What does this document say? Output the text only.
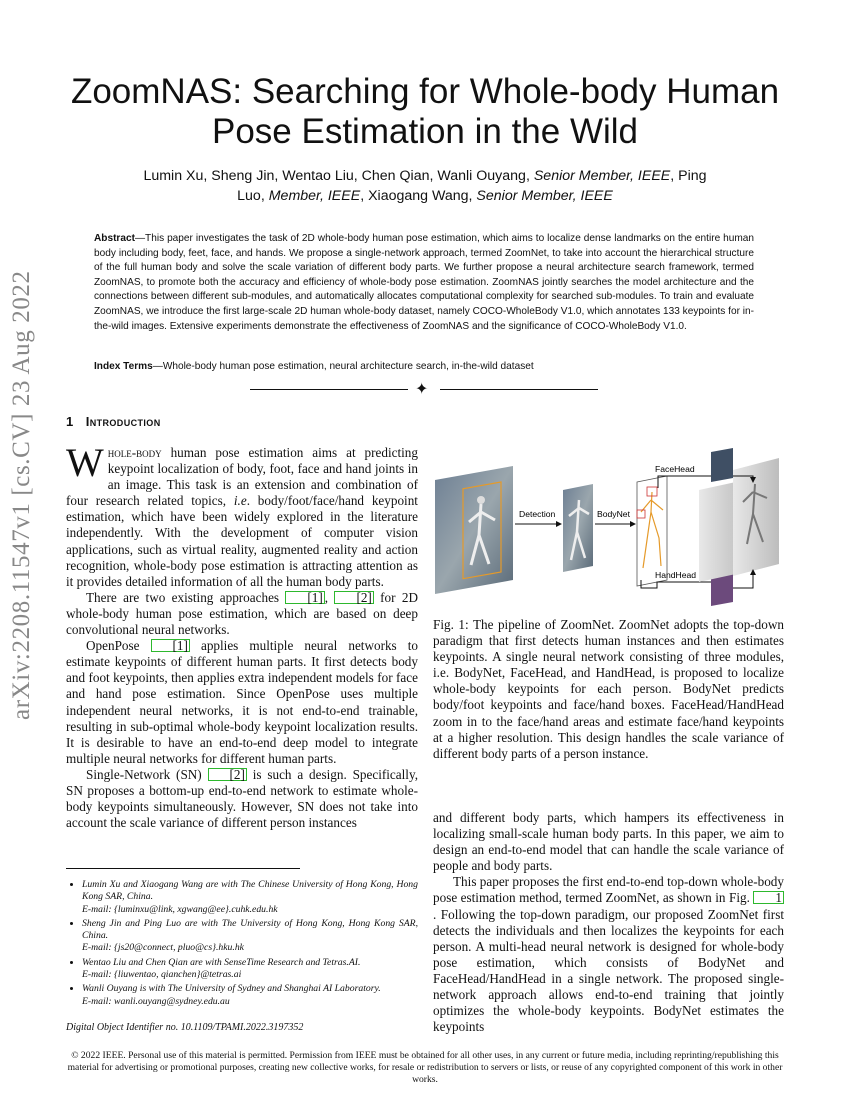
arXiv:2208.11547v1 [cs.CV] 23 Aug 2022
ZoomNAS: Searching for Whole-body Human Pose Estimation in the Wild
Lumin Xu, Sheng Jin, Wentao Liu, Chen Qian, Wanli Ouyang, Senior Member, IEEE, Ping
Luo, Member, IEEE, Xiaogang Wang, Senior Member, IEEE
Abstract—This paper investigates the task of 2D whole-body human pose estimation, which aims to localize dense landmarks on the entire human body including body, feet, face, and hands. We propose a single-network approach, termed ZoomNet, to take into account the hierarchical structure of the full human body and solve the scale variation of different body parts. We further propose a neural architecture search framework, termed ZoomNAS, to promote both the accuracy and efficiency of whole-body pose estimation. ZoomNAS jointly searches the model architecture and the connections between different sub-modules, and automatically allocates computational complexity for searched sub-modules. To train and evaluate ZoomNAS, we introduce the first large-scale 2D human whole-body dataset, namely COCO-WholeBody V1.0, which annotates 133 keypoints for in-the-wild images. Extensive experiments demonstrate the effectiveness of ZoomNAS and the significance of COCO-WholeBody V1.0.
Index Terms—Whole-body human pose estimation, neural architecture search, in-the-wild dataset
✦
1 Introduction

Whole-body human pose estimation aims at predicting keypoint localization of body, foot, face and hand joints in an image. This task is an extension and combination of four research related topics, i.e. body/foot/face/hand keypoint estimation, which have been widely explored in the literature independently. With the development of computer vision applications, such as virtual reality, augmented reality and action recognition, whole-body pose estimation is attracting attention as it provides detailed information of all the human body parts.

There are two existing approaches [1] , [2] for 2D whole-body human pose estimation, which are based on deep convolutional neural networks.

OpenPose [1] applies multiple neural networks to estimate keypoints of different human parts. It first detects body and foot keypoints, then applies extra independent models for face and hand pose estimation. Since OpenPose uses multiple independent neural networks, it is not end-to-end trainable, resulting in sub-optimal whole-body keypoint localization results. It is desirable to have an end-to-end deep model to integrate multiple neural networks for different human parts.

Single-Network (SN) [2] is such a design. Specifically, SN proposes a bottom-up end-to-end network to estimate whole-body keypoints simultaneously. However, SN does not take into account the scale variance of different person instances

• Lumin Xu and Xiaogang Wang are with The Chinese University of Hong Kong, Hong Kong SAR, China.
E-mail: {luminxu@link, xgwang@ee}.cuhk.edu.hk
• Sheng Jin and Ping Luo are with The University of Hong Kong, Hong Kong SAR, China.
E-mail: {js20@connect, pluo@cs}.hku.hk
• Wentao Liu and Chen Qian are with SenseTime Research and Tetras.AI.
E-mail: {liuwentao, qianchen}@tetras.ai
• Wanli Ouyang is with The University of Sydney and Shanghai AI Laboratory.
E-mail: wanli.ouyang@sydney.edu.au
Digital Object Identifier no. 10.1109/TPAMI.2022.3197352
Detection	BodyNet
FaceHead
HandHead
Fig. 1: The pipeline of ZoomNet. ZoomNet adopts the top-down paradigm that first detects human instances and then estimates keypoints. A single neural network consisting of three modules, i.e. BodyNet, FaceHead, and HandHead, is proposed to localize whole-body keypoints for each person. BodyNet predicts body/foot keypoints and face/hand boxes. FaceHead/HandHead zoom in to the face/hand areas and estimate face/hand keypoints at a higher resolution. This design handles the scale variance of different body parts of a person instance.

and different body parts, which hampers its effectiveness in localizing small-scale human body parts. In this paper, we aim to design an end-to-end model that can handle the scale variance of people and body parts.

This paper proposes the first end-to-end top-down whole-body pose estimation method, termed ZoomNet, as shown in Fig. 1. Following the top-down paradigm, our proposed ZoomNet first detects the individuals and then localizes the keypoints for each person. A multi-head neural network is designed for whole-body pose estimation, which consists of BodyNet and FaceHead/HandHead in a single network. The proposed single-network approach allows end-to-end training that jointly optimizes the whole-body keypoints. BodyNet estimates the keypoints

© 2022 IEEE. Personal use of this material is permitted. Permission from IEEE must be obtained for all other uses, in any current or future media, including reprinting/republishing this material for advertising or promotional purposes, creating new collective works, for resale or redistribution to servers or lists, or reuse of any copyrighted component of this work in other works.
